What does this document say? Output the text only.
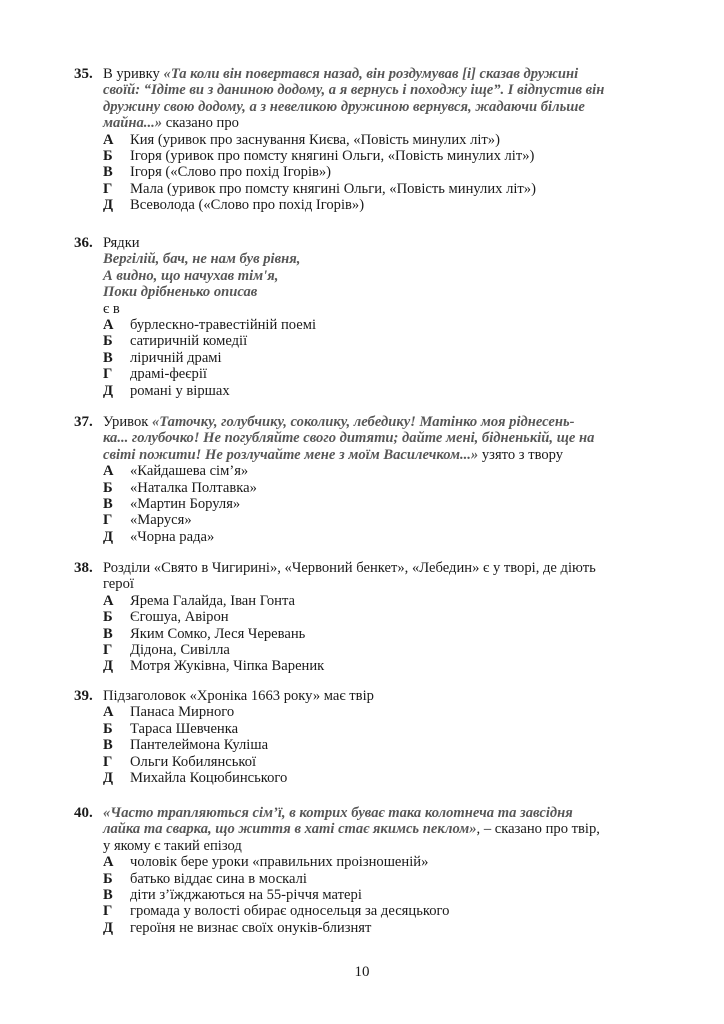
35. В уривку «Та коли він повертався назад, він роздумував [і] сказав дружині
своїй: “Ідіте ви з даниною додому, а я вернусь і походжу іще”. І відпустив він
дружину свою додому, а з невеликою дружиною вернувся, жадаючи більше
майна...» сказано про
А	Кия (уривок про заснування Києва, «Повість минулих літ»)
Б	Ігоря (уривок про помсту княгині Ольги, «Повість минулих літ»)
В	Ігоря («Слово про похід Ігорів»)
Г	Мала (уривок про помсту княгині Ольги, «Повість минулих літ»)
Д	Всеволода («Слово про похід Ігорів»)
36. Рядки
Вергілій, бач, не нам був рівня,
А видно, що начухав тім'я,
Поки дрібненько описав
є в
А	бурлескно-травестійній поемі
Б	сатиричній комедії
В	ліричній драмі
Г	драмі-феєрії
Д	романі у віршах
37. Уривок «Таточку, голубчику, соколику, лебедику! Матінко моя ріднесень-
ка... голубочко! Не погубляйте свого дитяти; дайте мені, бідненькій, ще на
світі пожити! Не розлучайте мене з моїм Василечком...» узято з твору
А	«Кайдашева сім’я»
Б	«Наталка Полтавка»
В	«Мартин Боруля»
Г	«Маруся»
Д	«Чорна рада»
38. Розділи «Свято в Чигирині», «Червоний бенкет», «Лебедин» є у творі, де діють
герої
А	Ярема Галайда, Іван Гонта
Б	Єгошуа, Авірон
В	Яким Сомко, Леся Черевань
Г	Дідона, Сивілла
Д	Мотря Жуківна, Чіпка Вареник
39. Підзаголовок «Хроніка 1663 року» має твір
А	Панаса Мирного
Б	Тараса Шевченка
В	Пантелеймона Куліша
Г	Ольги Кобилянської
Д	Михайла Коцюбинського
40. «Часто трапляються сім’ї, в котрих буває така колотнеча та завсідня
лайка та сварка, що життя в хаті стає якимсь пеклом», – сказано про твір,
у якому є такий епізод
А	чоловік бере уроки «правильних проізношеній»
Б	батько віддає сина в москалі
В	діти з’їжджаються на 55-річчя матері
Г	громада у волості обирає односельця за десяцького
Д	героїня не визнає своїх онуків-близнят
10
